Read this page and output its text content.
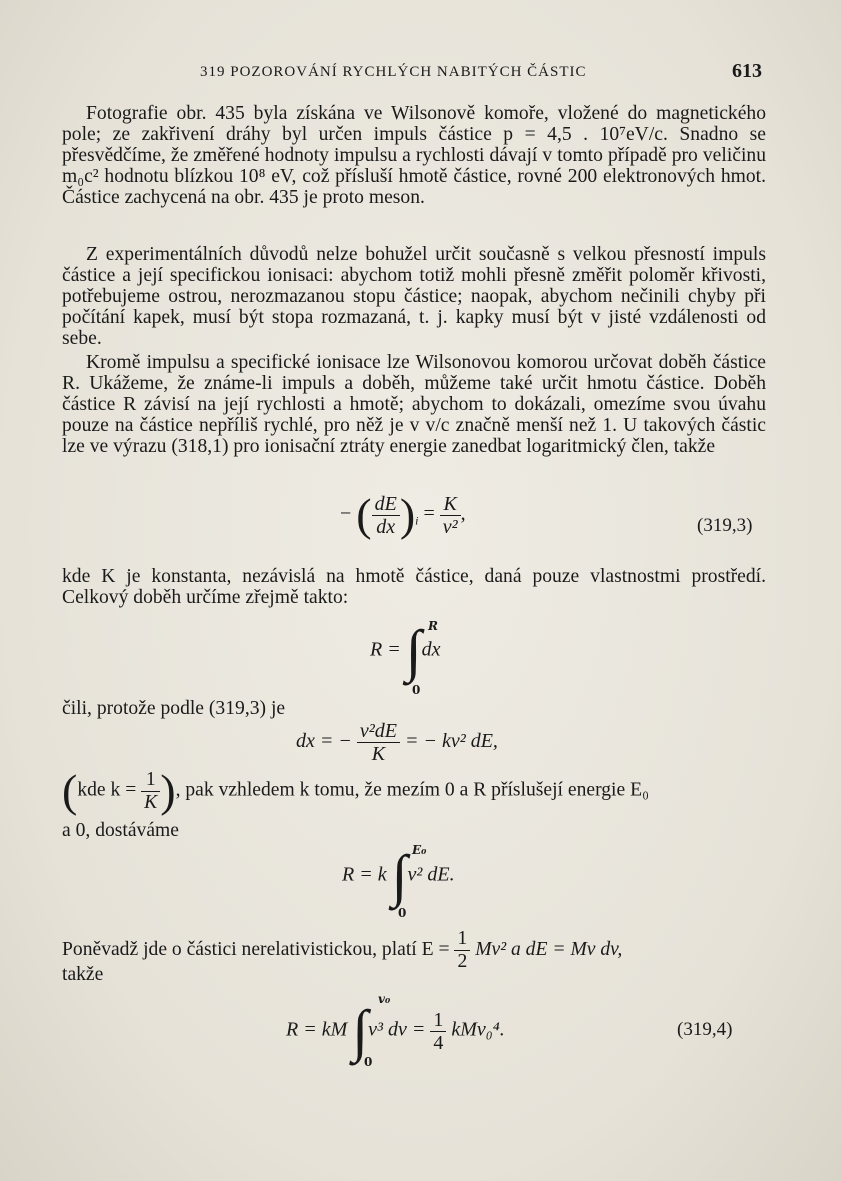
319 POZOROVÁNÍ RYCHLÝCH NABITÝCH ČÁSTIC	613
Fotografie obr. 435 byla získána ve Wilsonově komoře, vložené do magnetického pole; ze zakřivení dráhy byl určen impuls částice p = 4,5 . 10⁷eV/c. Snadno se přesvědčíme, že změřené hodnoty impulsu a rychlosti dávají v tomto případě pro veličinu m₀c² hodnotu blízkou 10⁸ eV, což přísluší hmotě částice, rovné 200 elektronových hmot. Částice zachycená na obr. 435 je proto meson.
Z experimentálních důvodů nelze bohužel určit současně s velkou přesností impuls částice a její specifickou ionisaci: abychom totiž mohli přesně změřit poloměr křivosti, potřebujeme ostrou, nerozmazanou stopu částice; naopak, abychom nečinili chyby při počítání kapek, musí být stopa rozmazaná, t. j. kapky musí být v jisté vzdálenosti od sebe.
Kromě impulsu a specifické ionisace lze Wilsonovou komorou určovat doběh částice R. Ukážeme, že známe-li impuls a doběh, můžeme také určit hmotu částice. Doběh částice R závisí na její rychlosti a hmotě; abychom to dokázali, omezíme svou úvahu pouze na částice nepříliš rychlé, pro něž je v v/c značně menší než 1. U takových částic lze ve výrazu (318,1) pro ionisační ztráty energie zanedbat logaritmický člen, takže
− ( $\frac{dE}{dx} )_i = \frac{K}{\text{v²}}$ ,
(319,3)
kde K je konstanta, nezávislá na hmotě částice, daná pouze vlastnostmi prostředí. Celkový doběh určíme zřejmě takto:
R = ∫dx
R
0
čili, protože podle (319,3) je
dx = − $\frac{\text{v²dE}}{K}$ = − kv² dE,
(kde $k = \frac{1}{K}$ ), pak vzhledem k tomu, že mezím 0 a R příslušejí energie E₀
a 0, dostáváme
R = k ∫v² dE.
E₀
0
Poněvadž jde o částici nerelativistickou, platí $E = \frac{1}{2} Mv^2$ a dE = Mv dv,
takže
R = kM ∫v³ dv = $\frac{1}{4} kMv_0^4$.
v₀
0
(319,4)
